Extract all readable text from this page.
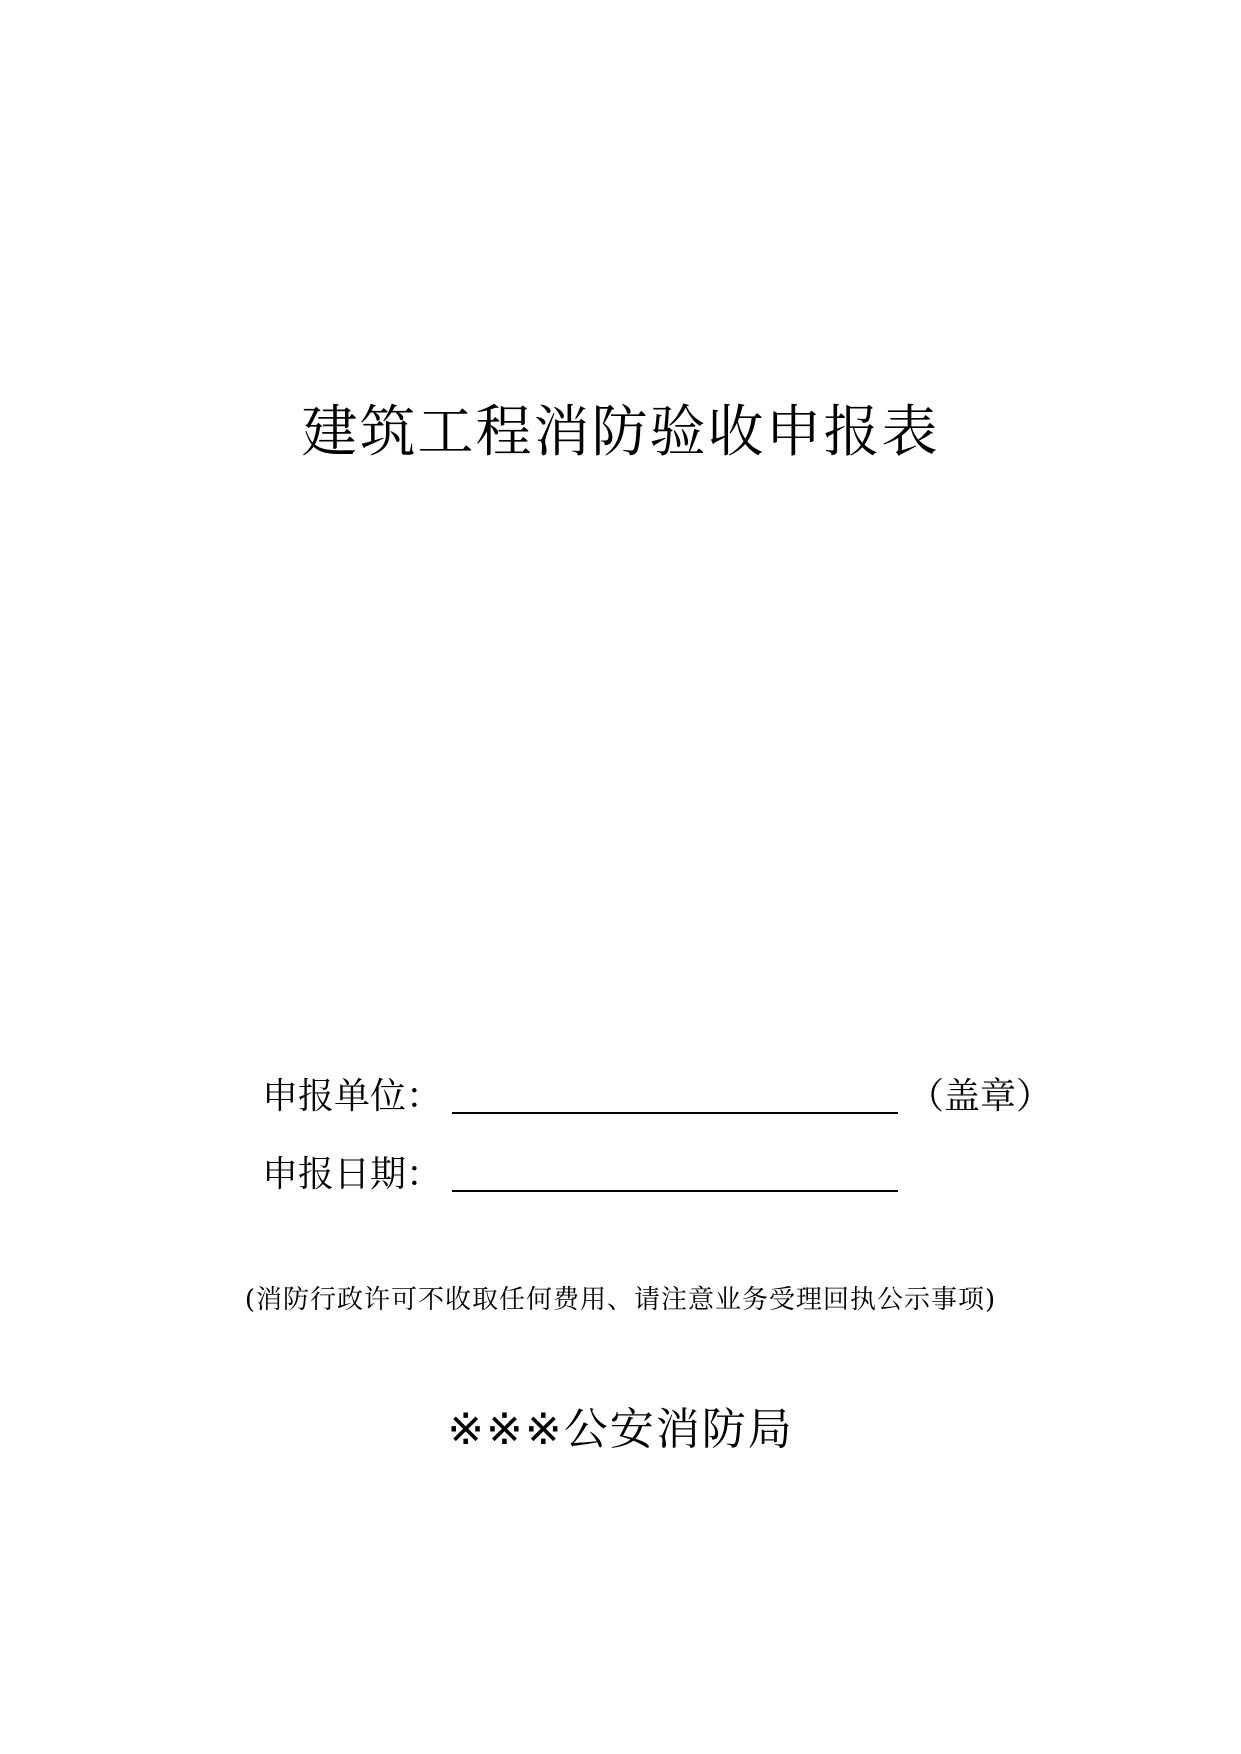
建筑工程消防验收申报表
申报单位：	（盖章）
申报日期：
(消防行政许可不收取任何费用、请注意业务受理回执公示事项)
※※※公安消防局
